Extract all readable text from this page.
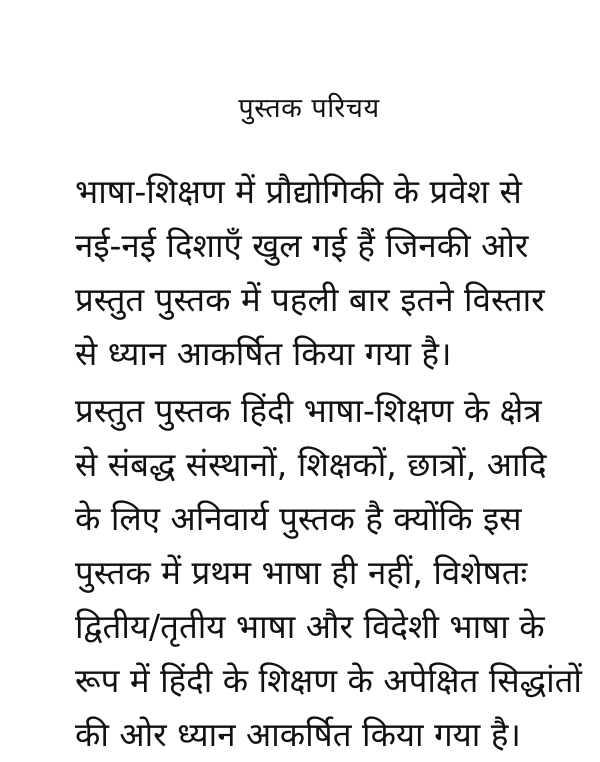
पुस्तक परिचय
भाषा-शिक्षण में प्रौद्योगिकी के प्रवेश से
नई-नई दिशाएँ खुल गई हैं जिनकी ओर
प्रस्तुत पुस्तक में पहली बार इतने विस्तार
से ध्यान आकर्षित किया गया है।
प्रस्तुत पुस्तक हिंदी भाषा-शिक्षण के क्षेत्र
से संबद्ध संस्थानों, शिक्षकों, छात्रों, आदि
के लिए अनिवार्य पुस्तक है क्योंकि इस
पुस्तक में प्रथम भाषा ही नहीं, विशेषतः
द्वितीय/तृतीय भाषा और विदेशी भाषा के
रूप में हिंदी के शिक्षण के अपेक्षित सिद्धांतों
की ओर ध्यान आकर्षित किया गया है।
